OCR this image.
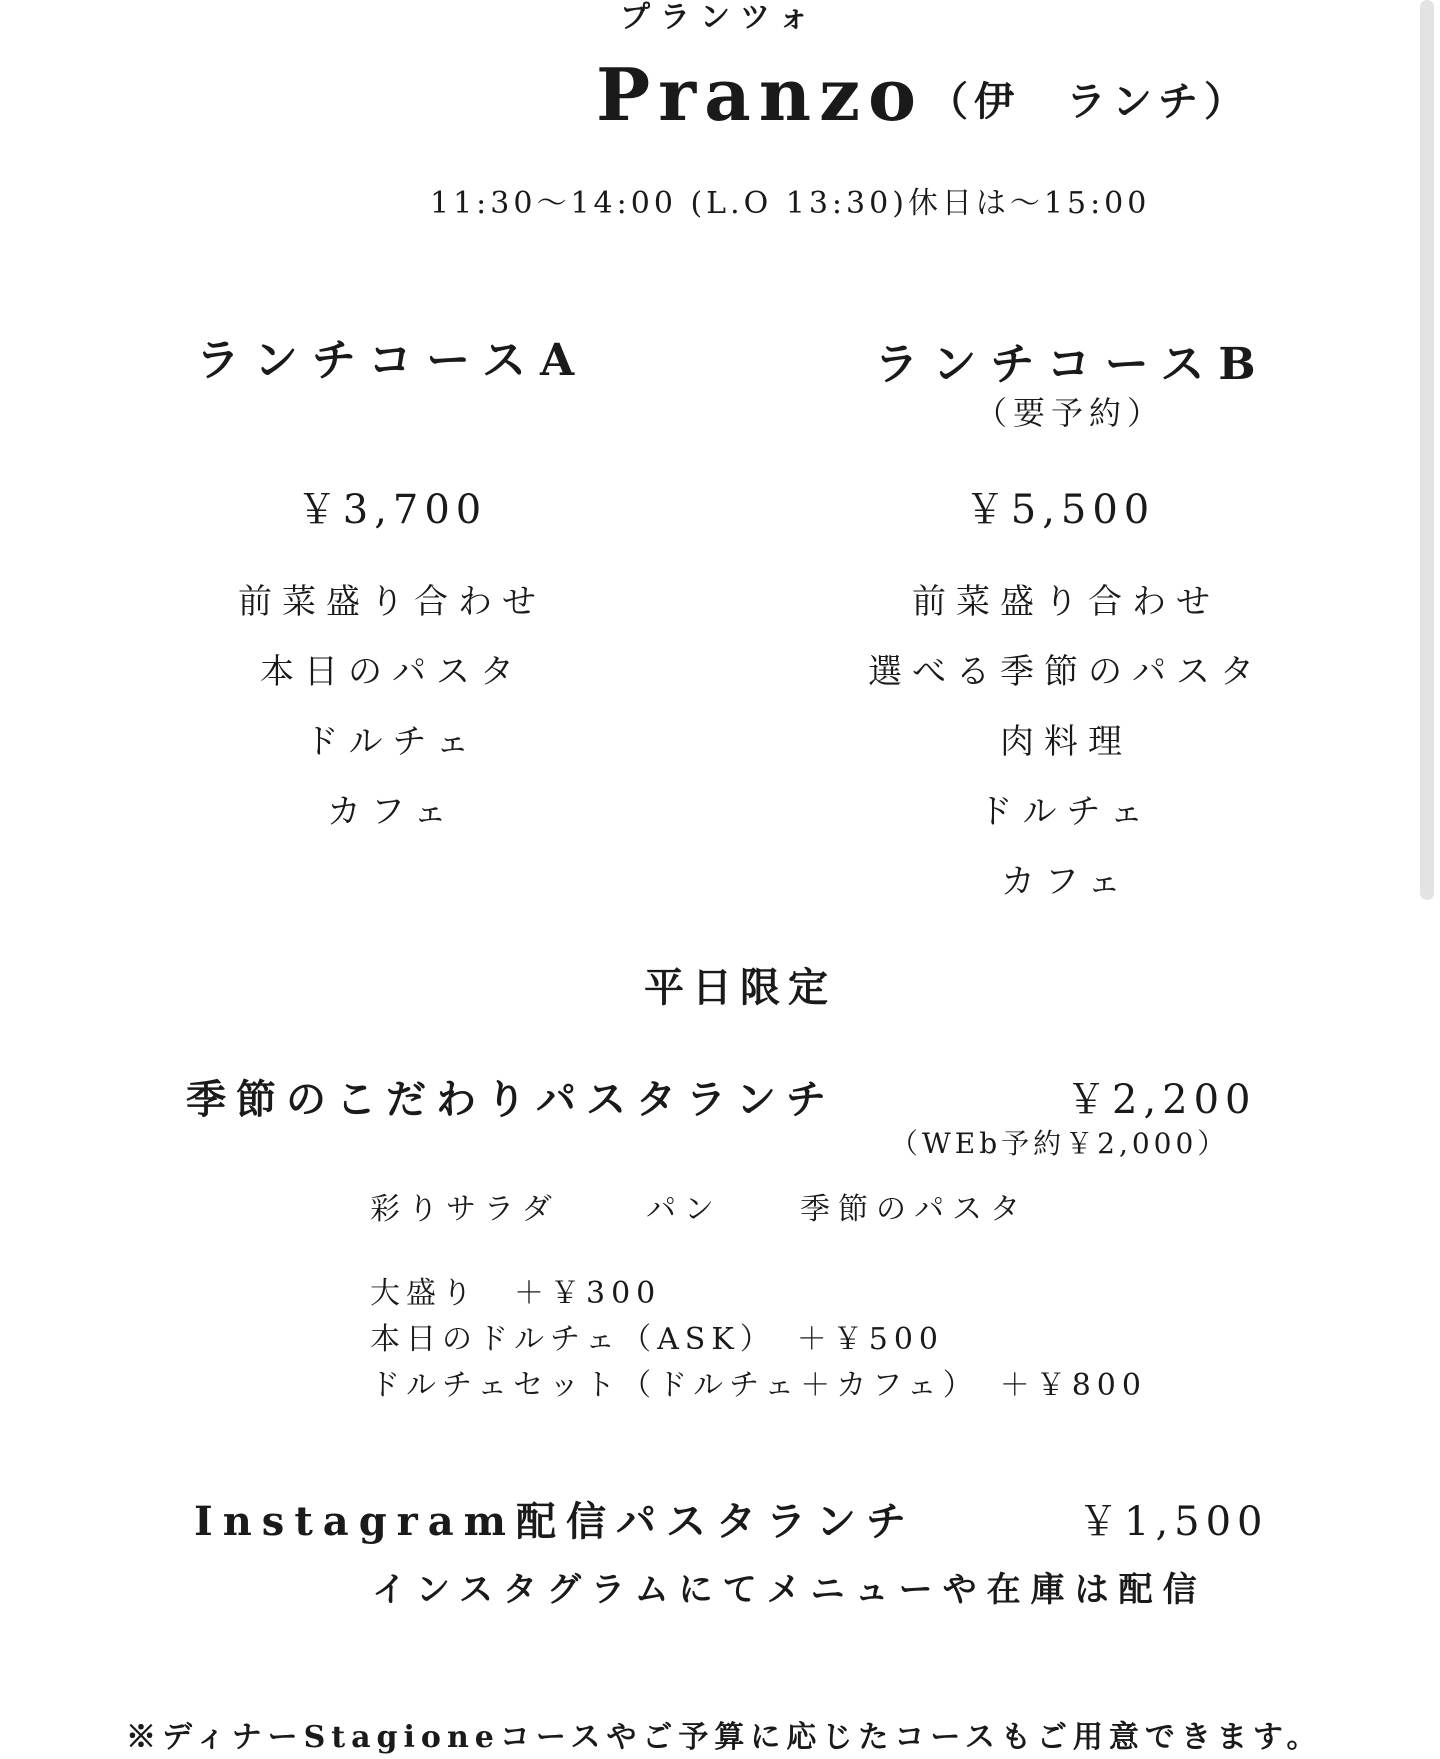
プランツォ
Pranzo （伊　ランチ）
11:30〜14:00 (L.O 13:30)休日は〜15:00
ランチコースA
￥3,700
前菜盛り合わせ
本日のパスタ
ドルチェ
カフェ
ランチコースB
（要予約）
￥5,500
前菜盛り合わせ
選べる季節のパスタ
肉料理
ドルチェ
カフェ
平日限定
季節のこだわりパスタランチ	￥2,200
（WEb予約￥2,000）
彩りサラダ	パン	季節のパスタ
大盛り　＋￥300
本日のドルチェ（ASK）　＋￥500
ドルチェセット（ドルチェ＋カフェ）　＋￥800
Instagram配信パスタランチ	￥1,500
インスタグラムにてメニューや在庫は配信
※ディナーStagioneコースやご予算に応じたコースもご用意できます。
